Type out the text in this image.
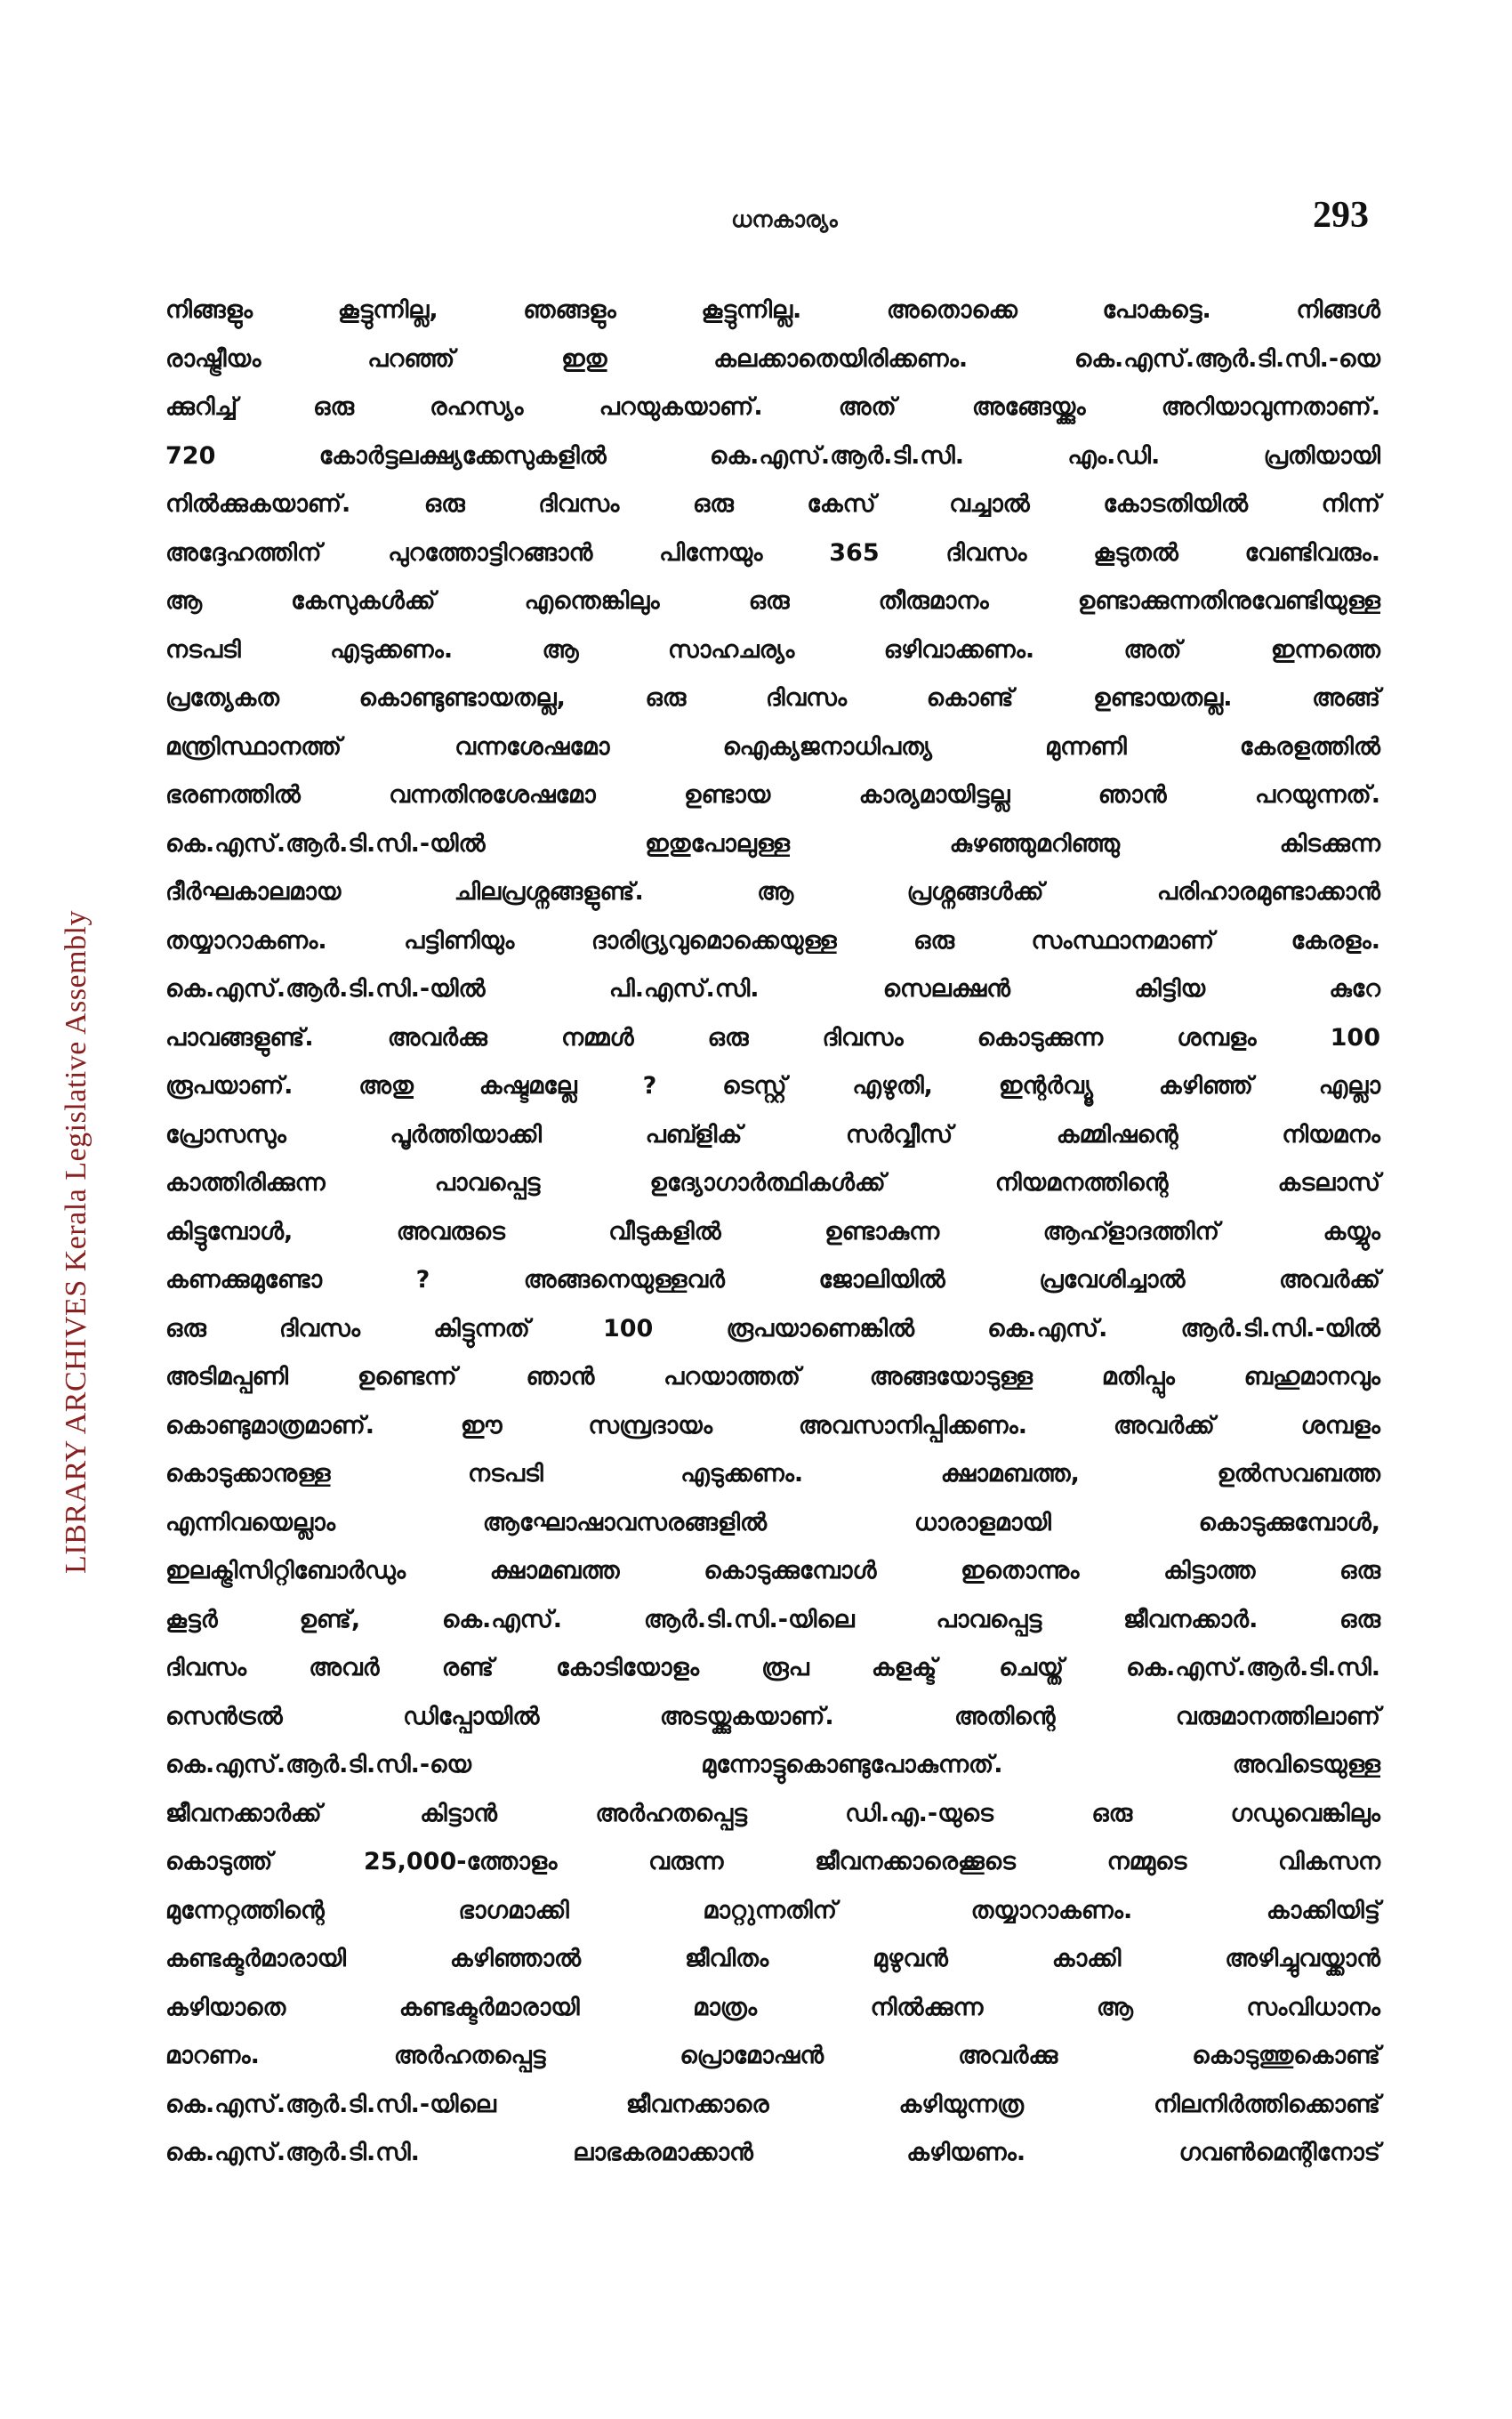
LIBRARY ARCHIVES Kerala Legislative Assembly
ധനകാര്യം	293
നിങ്ങളും കൂട്ടുന്നില്ല, ഞങ്ങളും കൂട്ടുന്നില്ല. അതൊക്കെ പോകട്ടെ. നിങ്ങൾ
രാഷ്ട്രീയം പറഞ്ഞ് ഇതു കലക്കാതെയിരിക്കണം. കെ.എസ്.ആർ.ടി.സി.-യെ
ക്കുറിച്ച് ഒരു രഹസ്യം പറയുകയാണ്. അത് അങ്ങേയ്ക്കും അറിയാവുന്നതാണ്.
720 കോർട്ടലക്ഷ്യക്കേസുകളിൽ കെ.എസ്.ആർ.ടി.സി. എം.ഡി. പ്രതിയായി
നിൽക്കുകയാണ്. ഒരു ദിവസം ഒരു കേസ് വച്ചാൽ കോടതിയിൽ നിന്ന്
അദ്ദേഹത്തിന് പുറത്തോട്ടിറങ്ങാൻ പിന്നേയും 365 ദിവസം കൂടുതൽ വേണ്ടിവരും.
ആ കേസുകൾക്ക് എന്തെങ്കിലും ഒരു തീരുമാനം ഉണ്ടാക്കുന്നതിനുവേണ്ടിയുള്ള
നടപടി എടുക്കണം. ആ സാഹചര്യം ഒഴിവാക്കണം. അത് ഇന്നത്തെ
പ്രത്യേകത കൊണ്ടുണ്ടായതല്ല, ഒരു ദിവസം കൊണ്ട് ഉണ്ടായതല്ല. അങ്ങ്
മന്ത്രിസ്ഥാനത്ത് വന്നശേഷമോ ഐക്യജനാധിപത്യ മുന്നണി കേരളത്തിൽ
ഭരണത്തിൽ വന്നതിനുശേഷമോ ഉണ്ടായ കാര്യമായിട്ടല്ല ഞാൻ പറയുന്നത്.
കെ.എസ്.ആർ.ടി.സി.-യിൽ ഇതുപോലുള്ള കുഴഞ്ഞുമറിഞ്ഞു കിടക്കുന്ന
ദീർഘകാലമായ ചിലപ്രശ്നങ്ങളുണ്ട്. ആ പ്രശ്നങ്ങൾക്ക് പരിഹാരമുണ്ടാക്കാൻ
തയ്യാറാകണം. പട്ടിണിയും ദാരിദ്ര്യവുമൊക്കെയുള്ള ഒരു സംസ്ഥാനമാണ് കേരളം.
കെ.എസ്.ആർ.ടി.സി.-യിൽ പി.എസ്.സി. സെലക്ഷൻ കിട്ടിയ കുറേ
പാവങ്ങളുണ്ട്. അവർക്കു നമ്മൾ ഒരു ദിവസം കൊടുക്കുന്ന ശമ്പളം 100
രൂപയാണ്. അതു കഷ്ടമല്ലേ ? ടെസ്റ്റ് എഴുതി, ഇന്റർവ്യൂ കഴിഞ്ഞ് എല്ലാ
പ്രോസസും പൂർത്തിയാക്കി പബ്ളിക് സർവ്വീസ് കമ്മിഷന്റെ നിയമനം
കാത്തിരിക്കുന്ന പാവപ്പെട്ട ഉദ്യോഗാർത്ഥികൾക്ക് നിയമനത്തിന്റെ കടലാസ്
കിട്ടുമ്പോൾ, അവരുടെ വീടുകളിൽ ഉണ്ടാകുന്ന ആഹ്ളാദത്തിന് കയ്യും
കണക്കുമുണ്ടോ ? അങ്ങനെയുള്ളവർ ജോലിയിൽ പ്രവേശിച്ചാൽ അവർക്ക്
ഒരു ദിവസം കിട്ടുന്നത് 100 രൂപയാണെങ്കിൽ കെ.എസ്. ആർ.ടി.സി.-യിൽ
അടിമപ്പണി ഉണ്ടെന്ന് ഞാൻ പറയാത്തത് അങ്ങയോടുള്ള മതിപ്പും ബഹുമാനവും
കൊണ്ടുമാത്രമാണ്. ഈ സമ്പ്രദായം അവസാനിപ്പിക്കണം. അവർക്ക് ശമ്പളം
കൊടുക്കാനുള്ള നടപടി എടുക്കണം. ക്ഷാമബത്ത, ഉൽസവബത്ത
എന്നിവയെല്ലാം ആഘോഷാവസരങ്ങളിൽ ധാരാളമായി കൊടുക്കുമ്പോൾ,
ഇലക്ട്രിസിറ്റിബോർഡും ക്ഷാമബത്ത കൊടുക്കുമ്പോൾ ഇതൊന്നും കിട്ടാത്ത ഒരു
കൂട്ടർ ഉണ്ട്, കെ.എസ്. ആർ.ടി.സി.-യിലെ പാവപ്പെട്ട ജീവനക്കാർ. ഒരു
ദിവസം അവർ രണ്ട് കോടിയോളം രൂപ കളക്ട് ചെയ്ത് കെ.എസ്.ആർ.ടി.സി.
സെൻട്രൽ ഡിപ്പോയിൽ അടയ്ക്കുകയാണ്. അതിന്റെ വരുമാനത്തിലാണ്
കെ.എസ്.ആർ.ടി.സി.-യെ മുന്നോട്ടുകൊണ്ടുപോകുന്നത്. അവിടെയുള്ള
ജീവനക്കാർക്ക് കിട്ടാൻ അർഹതപ്പെട്ട ഡി.എ.-യുടെ ഒരു ഗഡുവെങ്കിലും
കൊടുത്ത് 25,000-ത്തോളം വരുന്ന ജീവനക്കാരെക്കൂടെ നമ്മുടെ വികസന
മുന്നേറ്റത്തിന്റെ ഭാഗമാക്കി മാറ്റുന്നതിന് തയ്യാറാകണം. കാക്കിയിട്ട്
കണ്ടക്ടർമാരായി കഴിഞ്ഞാൽ ജീവിതം മുഴുവൻ കാക്കി അഴിച്ചുവയ്ക്കാൻ
കഴിയാതെ കണ്ടക്ടർമാരായി മാത്രം നിൽക്കുന്ന ആ സംവിധാനം
മാറണം. അർഹതപ്പെട്ട പ്രൊമോഷൻ അവർക്കു കൊടുത്തുകൊണ്ട്
കെ.എസ്.ആർ.ടി.സി.-യിലെ ജീവനക്കാരെ കഴിയുന്നത്ര നിലനിർത്തിക്കൊണ്ട്
കെ.എസ്.ആർ.ടി.സി. ലാഭകരമാക്കാൻ കഴിയണം. ഗവൺമെന്റിനോട്
